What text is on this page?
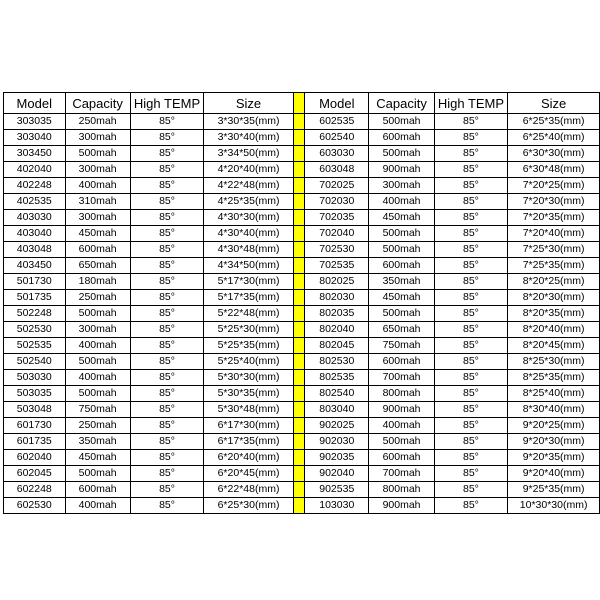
Model	Capacity	High TEMP	Size		Model	Capacity	High TEMP	Size
303035	250mah	85°	3*30*35(mm)		602535	500mah	85°	6*25*35(mm)
303040	300mah	85°	3*30*40(mm)		602540	600mah	85°	6*25*40(mm)
303450	500mah	85°	3*34*50(mm)		603030	500mah	85°	6*30*30(mm)
402040	300mah	85°	4*20*40(mm)		603048	900mah	85°	6*30*48(mm)
402248	400mah	85°	4*22*48(mm)		702025	300mah	85°	7*20*25(mm)
402535	310mah	85°	4*25*35(mm)		702030	400mah	85°	7*20*30(mm)
403030	300mah	85°	4*30*30(mm)		702035	450mah	85°	7*20*35(mm)
403040	450mah	85°	4*30*40(mm)		702040	500mah	85°	7*20*40(mm)
403048	600mah	85°	4*30*48(mm)		702530	500mah	85°	7*25*30(mm)
403450	650mah	85°	4*34*50(mm)		702535	600mah	85°	7*25*35(mm)
501730	180mah	85°	5*17*30(mm)		802025	350mah	85°	8*20*25(mm)
501735	250mah	85°	5*17*35(mm)		802030	450mah	85°	8*20*30(mm)
502248	500mah	85°	5*22*48(mm)		802035	500mah	85°	8*20*35(mm)
502530	300mah	85°	5*25*30(mm)		802040	650mah	85°	8*20*40(mm)
502535	400mah	85°	5*25*35(mm)		802045	750mah	85°	8*20*45(mm)
502540	500mah	85°	5*25*40(mm)		802530	600mah	85°	8*25*30(mm)
503030	400mah	85°	5*30*30(mm)		802535	700mah	85°	8*25*35(mm)
503035	500mah	85°	5*30*35(mm)		802540	800mah	85°	8*25*40(mm)
503048	750mah	85°	5*30*48(mm)		803040	900mah	85°	8*30*40(mm)
601730	250mah	85°	6*17*30(mm)		902025	400mah	85°	9*20*25(mm)
601735	350mah	85°	6*17*35(mm)		902030	500mah	85°	9*20*30(mm)
602040	450mah	85°	6*20*40(mm)		902035	600mah	85°	9*20*35(mm)
602045	500mah	85°	6*20*45(mm)		902040	700mah	85°	9*20*40(mm)
602248	600mah	85°	6*22*48(mm)		902535	800mah	85°	9*25*35(mm)
602530	400mah	85°	6*25*30(mm)		103030	900mah	85°	10*30*30(mm)
